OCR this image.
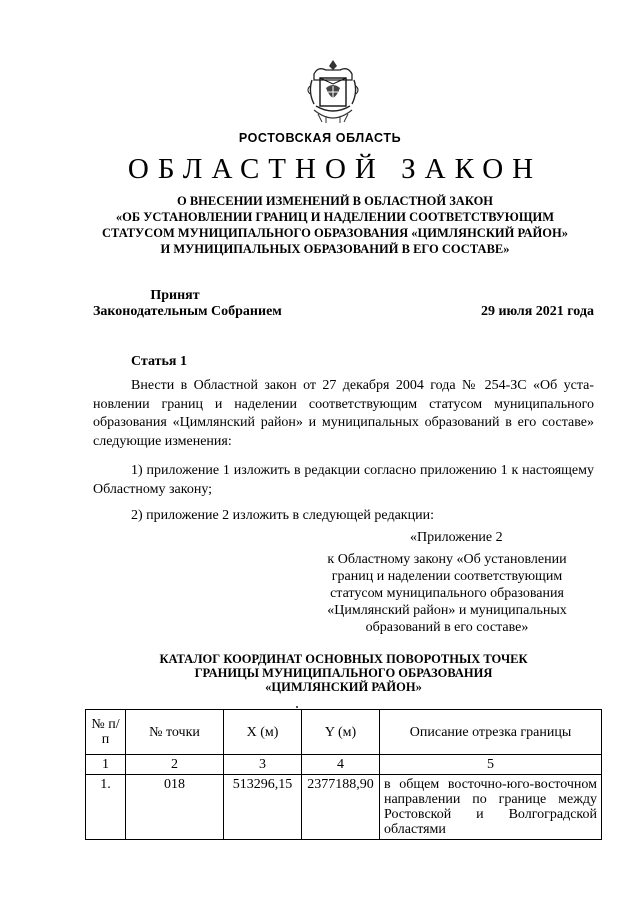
РОСТОВСКАЯ ОБЛАСТЬ
ОБЛАСТНОЙ ЗАКОН
О ВНЕСЕНИИ ИЗМЕНЕНИЙ В ОБЛАСТНОЙ ЗАКОН
«ОБ УСТАНОВЛЕНИИ ГРАНИЦ И НАДЕЛЕНИИ СООТВЕТСТВУЮЩИМ
СТАТУСОМ МУНИЦИПАЛЬНОГО ОБРАЗОВАНИЯ «ЦИМЛЯНСКИЙ РАЙОН»
И МУНИЦИПАЛЬНЫХ ОБРАЗОВАНИЙ В ЕГО СОСТАВЕ»
Принят
Законодательным Собранием	29 июля 2021 года
Статья 1

Внести в Областной закон от 27 декабря 2004 года № 254-ЗС «Об установлении границ и наделении соответствующим статусом муниципального образования «Цимлянский район» и муниципальных образований в его составе» следующие изменения:

1) приложение 1 изложить в редакции согласно приложению 1 к настоящему Областному закону;

2) приложение 2 изложить в следующей редакции:

«Приложение 2
к Областному закону «Об установлении
границ и наделении соответствующим
статусом муниципального образования
«Цимлянский район» и муниципальных
образований в его составе»
КАТАЛОГ КООРДИНАТ ОСНОВНЫХ ПОВОРОТНЫХ ТОЧЕК
ГРАНИЦЫ МУНИЦИПАЛЬНОГО ОБРАЗОВАНИЯ
«ЦИМЛЯНСКИЙ РАЙОН»
№ п/п	№ точки	X (м)	Y (м)	Описание отрезка границы
1	2	3	4	5
1.	018	513296,15	2377188,90	в общем восточно-юго-восточном направлении по границе между Ростовской и Волгоградской областями
